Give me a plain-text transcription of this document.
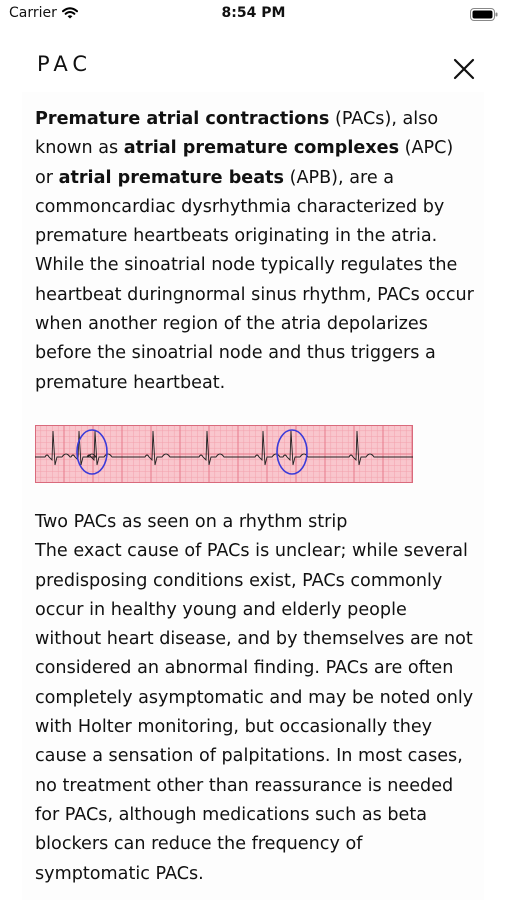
Carrier	8:54 PM
PAC

Premature atrial contractions (PACs), also known as atrial premature complexes (APC) or atrial premature beats (APB), are a commoncardiac dysrhythmia characterized by premature heartbeats originating in the atria. While the sinoatrial node typically regulates the heartbeat duringnormal sinus rhythm, PACs occur when another region of the atria depolarizes before the sinoatrial node and thus triggers a premature heartbeat.

Two PACs as seen on a rhythm strip
The exact cause of PACs is unclear; while several predisposing conditions exist, PACs commonly occur in healthy young and elderly people without heart disease, and by themselves are not considered an abnormal finding. PACs are often completely asymptomatic and may be noted only with Holter monitoring, but occasionally they cause a sensation of palpitations. In most cases, no treatment other than reassurance is needed for PACs, although medications such as beta blockers can reduce the frequency of symptomatic PACs.
